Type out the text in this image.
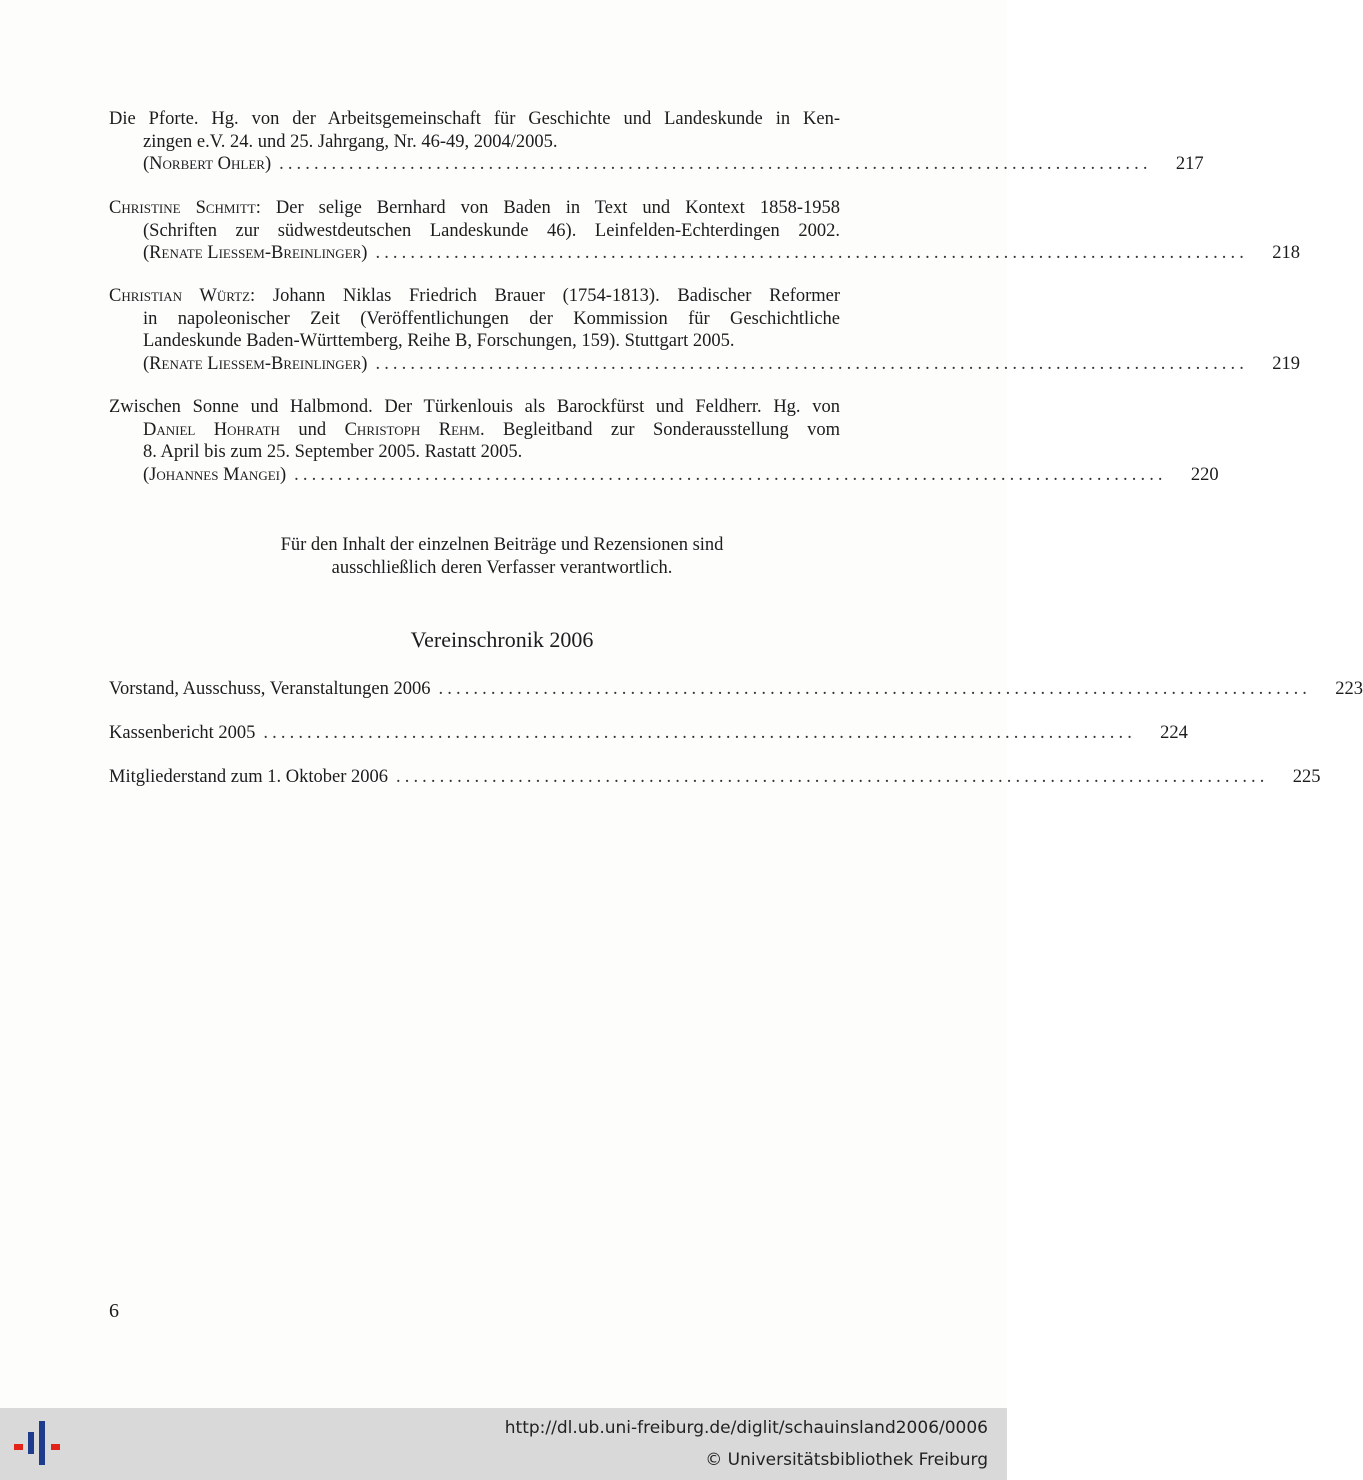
Die Pforte. Hg. von der Arbeitsgemeinschaft für Geschichte und Landeskunde in Ken-
zingen e.V. 24. und 25. Jahrgang, Nr. 46-49, 2004/2005.
(Norbert Ohler) .................................................................................................... 217
Christine Schmitt: Der selige Bernhard von Baden in Text und Kontext 1858-1958
(Schriften zur südwestdeutschen Landeskunde 46). Leinfelden-Echterdingen 2002.
(Renate Liessem-Breinlinger) .................................................................................................... 218
Christian Würtz: Johann Niklas Friedrich Brauer (1754-1813). Badischer Reformer
in napoleonischer Zeit (Veröffentlichungen der Kommission für Geschichtliche
Landeskunde Baden-Württemberg, Reihe B, Forschungen, 159). Stuttgart 2005.
(Renate Liessem-Breinlinger) .................................................................................................... 219
Zwischen Sonne und Halbmond. Der Türkenlouis als Barockfürst und Feldherr. Hg. von
Daniel Hohrath und Christoph Rehm. Begleitband zur Sonderausstellung vom
8. April bis zum 25. September 2005. Rastatt 2005.
(Johannes Mangei) .................................................................................................... 220
Für den Inhalt der einzelnen Beiträge und Rezensionen sind
ausschließlich deren Verfasser verantwortlich.
Vereinschronik 2006
Vorstand, Ausschuss, Veranstaltungen 2006 .................................................................................................... 223
Kassenbericht 2005 .................................................................................................... 224
Mitgliederstand zum 1. Oktober 2006 .................................................................................................... 225
6
http://dl.ub.uni-freiburg.de/diglit/schauinsland2006/0006
© Universitätsbibliothek Freiburg
